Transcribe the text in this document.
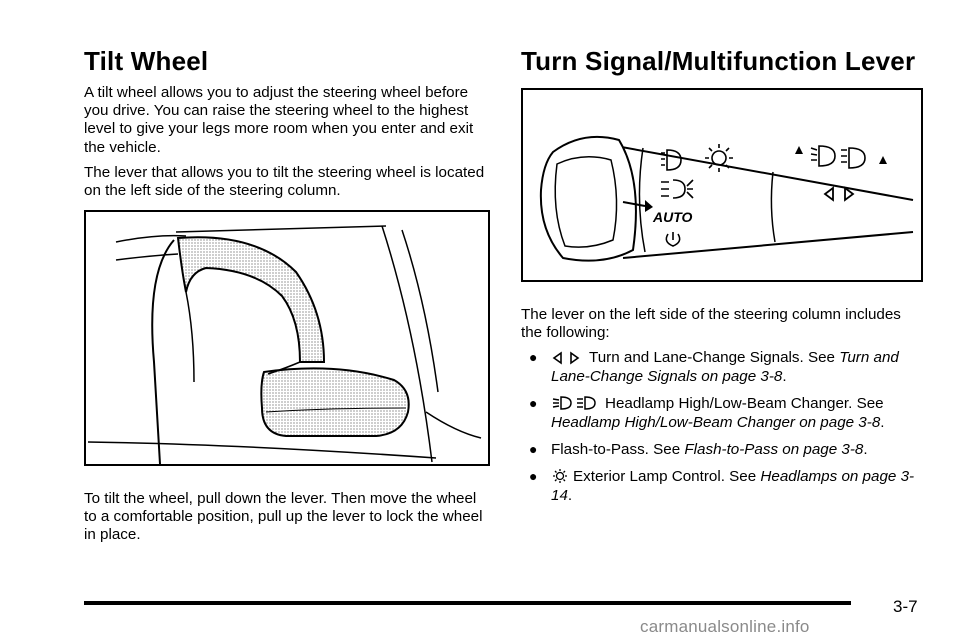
Tilt Wheel

A tilt wheel allows you to adjust the steering wheel before you drive. You can raise the steering wheel to the highest level to give your legs more room when you enter and exit the vehicle.

The lever that allows you to tilt the steering wheel is located on the left side of the steering column.

To tilt the wheel, pull down the lever. Then move the wheel to a comfortable position, pull up the lever to lock the wheel in place.

Turn Signal/Multifunction Lever
AUTO

The lever on the left side of the steering column includes the following:

●	Turn and Lane-Change Signals. See Turn and Lane-Change Signals on page 3-8.
●	Headlamp High/Low-Beam Changer. See Headlamp High/Low-Beam Changer on page 3-8.
● Flash-to-Pass. See Flash-to-Pass on page 3-8.
●	Exterior Lamp Control. See Headlamps on page 3-14.
3-7
carmanualsonline.info
